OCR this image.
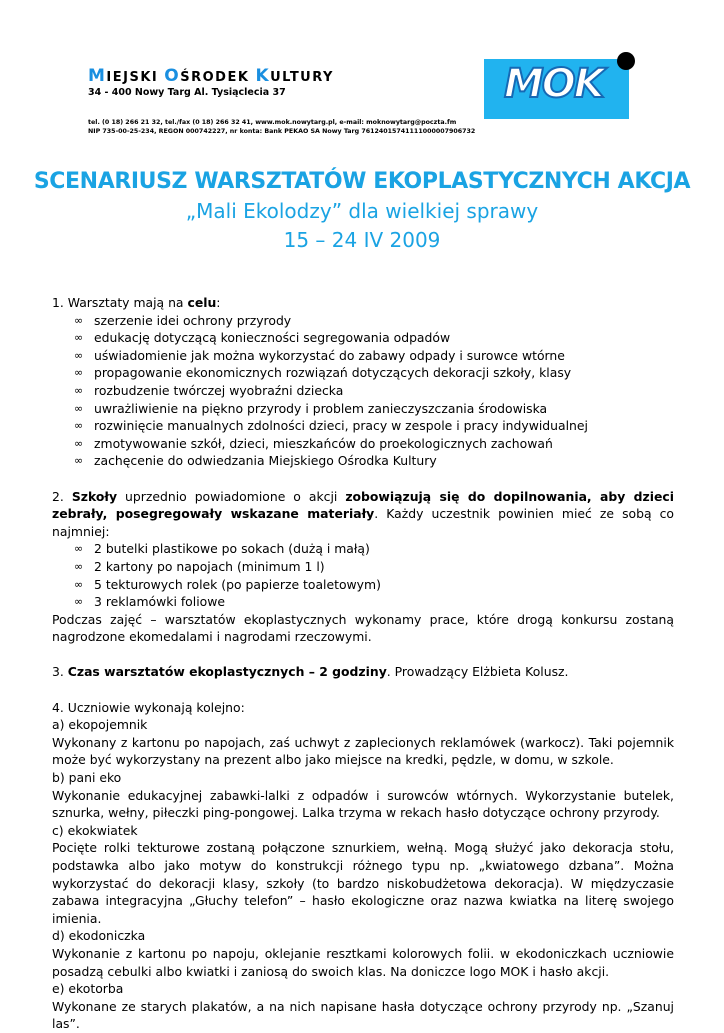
MIEJSKI OŚRODEK KULTURY
34 - 400 Nowy Targ Al. Tysiąclecia 37
tel. (0 18) 266 21 32, tel./fax (0 18) 266 32 41, www.mok.nowytarg.pl, e-mail: moknowytarg@poczta.fm
NIP 735-00-25-234, REGON 000742227, nr konta: Bank PEKAO SA Nowy Targ 76124015741111000007906732
MOK
SCENARIUSZ WARSZTATÓW EKOPLASTYCZNYCH AKCJA
„Mali Ekolodzy” dla wielkiej sprawy
15 – 24 IV 2009

1. Warsztaty mają na celu:

∞ szerzenie idei ochrony przyrody
∞ edukację dotyczącą konieczności segregowania odpadów
∞ uświadomienie jak można wykorzystać do zabawy odpady i surowce wtórne
∞ propagowanie ekonomicznych rozwiązań dotyczących dekoracji szkoły, klasy
∞ rozbudzenie twórczej wyobraźni dziecka
∞ uwrażliwienie na piękno przyrody i problem zanieczyszczania środowiska
∞ rozwinięcie manualnych zdolności dzieci, pracy w zespole i pracy indywidualnej
∞ zmotywowanie szkół, dzieci, mieszkańców do proekologicznych zachowań
∞ zachęcenie do odwiedzania Miejskiego Ośrodka Kultury

2. Szkoły uprzednio powiadomione o akcji zobowiązują się do dopilnowania, aby dzieci zebrały, posegregowały wskazane materiały. Każdy uczestnik powinien mieć ze sobą co najmniej:

∞ 2 butelki plastikowe po sokach (dużą i małą)
∞ 2 kartony po napojach (minimum 1 l)
∞ 5 tekturowych rolek (po papierze toaletowym)
∞ 3 reklamówki foliowe

Podczas zajęć – warsztatów ekoplastycznych wykonamy prace, które drogą konkursu zostaną nagrodzone ekomedalami i nagrodami rzeczowymi.

3. Czas warsztatów ekoplastycznych – 2 godziny. Prowadzący Elżbieta Kolusz.

4. Uczniowie wykonają kolejno:

a) ekopojemnik

Wykonany z kartonu po napojach, zaś uchwyt z zaplecionych reklamówek (warkocz). Taki pojemnik może być wykorzystany na prezent albo jako miejsce na kredki, pędzle, w domu, w szkole.

b) pani eko

Wykonanie edukacyjnej zabawki-lalki z odpadów i surowców wtórnych. Wykorzystanie butelek, sznurka, wełny, piłeczki ping-pongowej. Lalka trzyma w rekach hasło dotyczące ochrony przyrody.

c) ekokwiatek

Pocięte rolki tekturowe zostaną połączone sznurkiem, wełną. Mogą służyć jako dekoracja stołu, podstawka albo jako motyw do konstrukcji różnego typu np. „kwiatowego dzbana”. Można wykorzystać do dekoracji klasy, szkoły (to bardzo niskobudżetowa dekoracja). W międzyczasie zabawa integracyjna „Głuchy telefon” – hasło ekologiczne oraz nazwa kwiatka na literę swojego imienia.

d) ekodoniczka

Wykonanie z kartonu po napoju, oklejanie resztkami kolorowych folii. w ekodoniczkach uczniowie posadzą cebulki albo kwiatki i zaniosą do swoich klas. Na doniczce logo MOK i hasło akcji.

e) ekotorba

Wykonane ze starych plakatów, a na nich napisane hasła dotyczące ochrony przyrody np. „Szanuj las”.
